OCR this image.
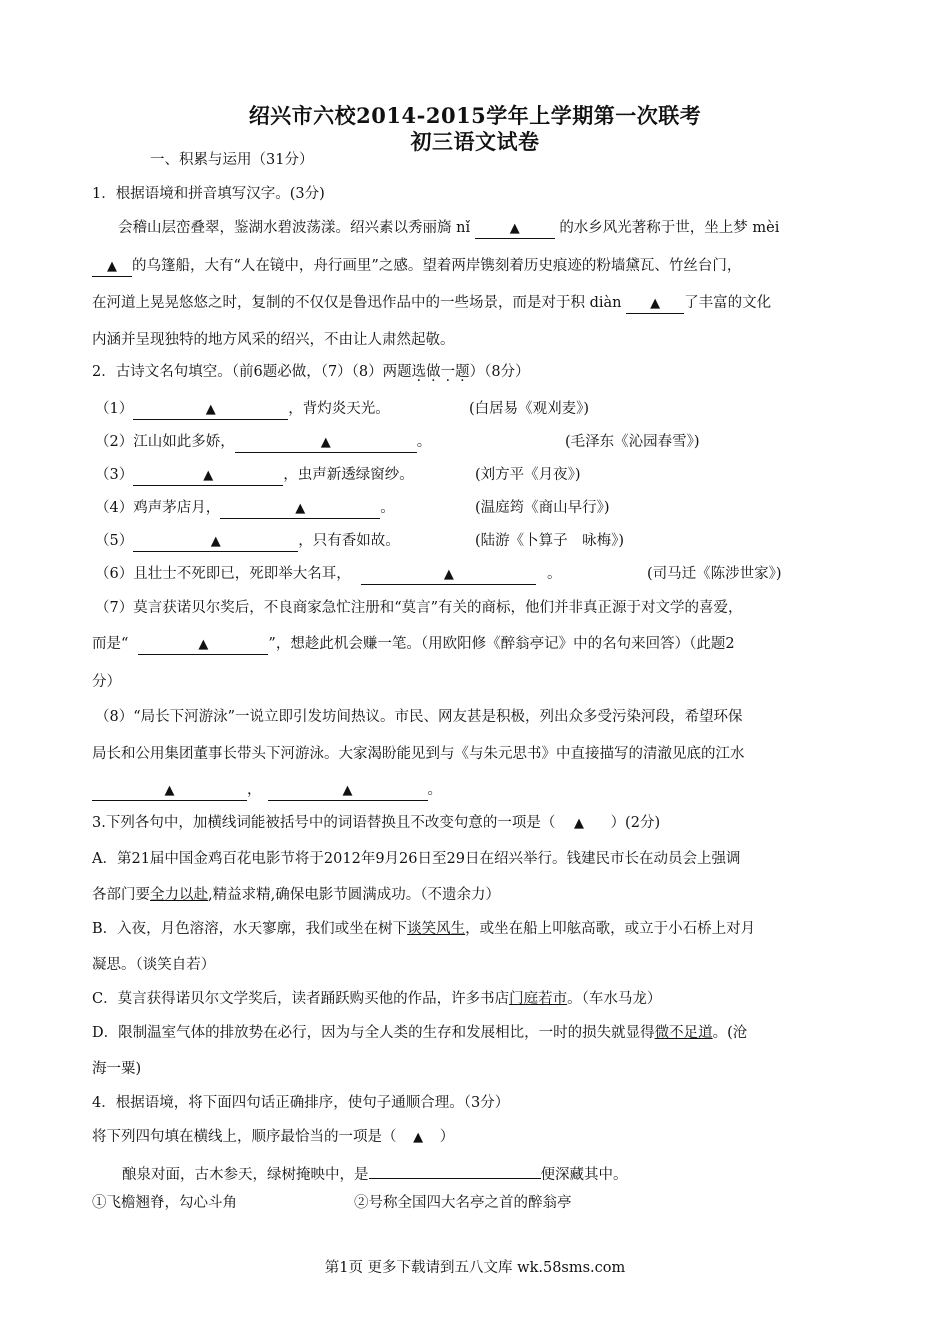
绍兴市六校2014-2015学年上学期第一次联考
初三语文试卷
一、积累与运用（31分）
1．根据语境和拼音填写汉字。(3分)
会稽山层峦叠翠，鉴湖水碧波荡漾。绍兴素以秀丽旖 nǐ	▲	的水乡风光著称于世，坐上梦 mèi
▲ 的乌篷船，大有“人在镜中，舟行画里”之感。望着两岸镌刻着历史痕迹的粉墙黛瓦、竹丝台门，
在河道上晃晃悠悠之时，复制的不仅仅是鲁迅作品中的一些场景，而是对于积 diàn ▲ 了丰富的文化
内涵并呈现独特的地方风采的绍兴，不由让人肃然起敬。
2．古诗文名句填空。（前6题必做，（7）（8）两题选做一题）（8分）
（1）	▲	，背灼炎天光。	(白居易《观刈麦》)
（2）江山如此多娇，	▲	。	(毛泽东《沁园春雪》)
（3）	▲	，虫声新透绿窗纱。	(刘方平《月夜》)
（4）鸡声茅店月，	▲	。	(温庭筠《商山早行》)
（5）	▲	，只有香如故。	(陆游《卜算子　咏梅》)
（6）且壮士不死即已，死即举大名耳，	▲	。	(司马迁《陈涉世家》)
（7）莫言获诺贝尔奖后，不良商家急忙注册和“莫言”有关的商标，他们并非真正源于对文学的喜爱，
而是“	▲	”，想趁此机会赚一笔。（用欧阳修《醉翁亭记》中的名句来回答）（此题2
分）
（8）“局长下河游泳”一说立即引发坊间热议。市民、网友甚是积极，列出众多受污染河段，希望环保
局长和公用集团董事长带头下河游泳。大家渴盼能见到与《与朱元思书》中直接描写的清澈见底的江水
▲	，	▲	。
3.下列各句中，加横线词能被括号中的词语替换且不改变句意的一项是（ ▲ ）(2分)
A．第21届中国金鸡百花电影节将于2012年9月26日至29日在绍兴举行。钱建民市长在动员会上强调
各部门要全力以赴,精益求精,确保电影节圆满成功。（不遗余力）
B．入夜，月色溶溶，水天寥廓，我们或坐在树下谈笑风生，或坐在船上叩舷高歌，或立于小石桥上对月
凝思。（谈笑自若）
C．莫言获得诺贝尔文学奖后，读者踊跃购买他的作品，许多书店门庭若市。（车水马龙）
D．限制温室气体的排放势在必行，因为与全人类的生存和发展相比，一时的损失就显得微不足道。(沧
海一粟)
4．根据语境，将下面四句话正确排序，使句子通顺合理。（3分）
将下列四句填在横线上，顺序最恰当的一项是（ ▲ ）
酿泉对面，古木参天，绿树掩映中，是	便深藏其中。
①飞檐翘脊，勾心斗角	②号称全国四大名亭之首的醉翁亭
第1页 更多下载请到五八文库 wk.58sms.com
